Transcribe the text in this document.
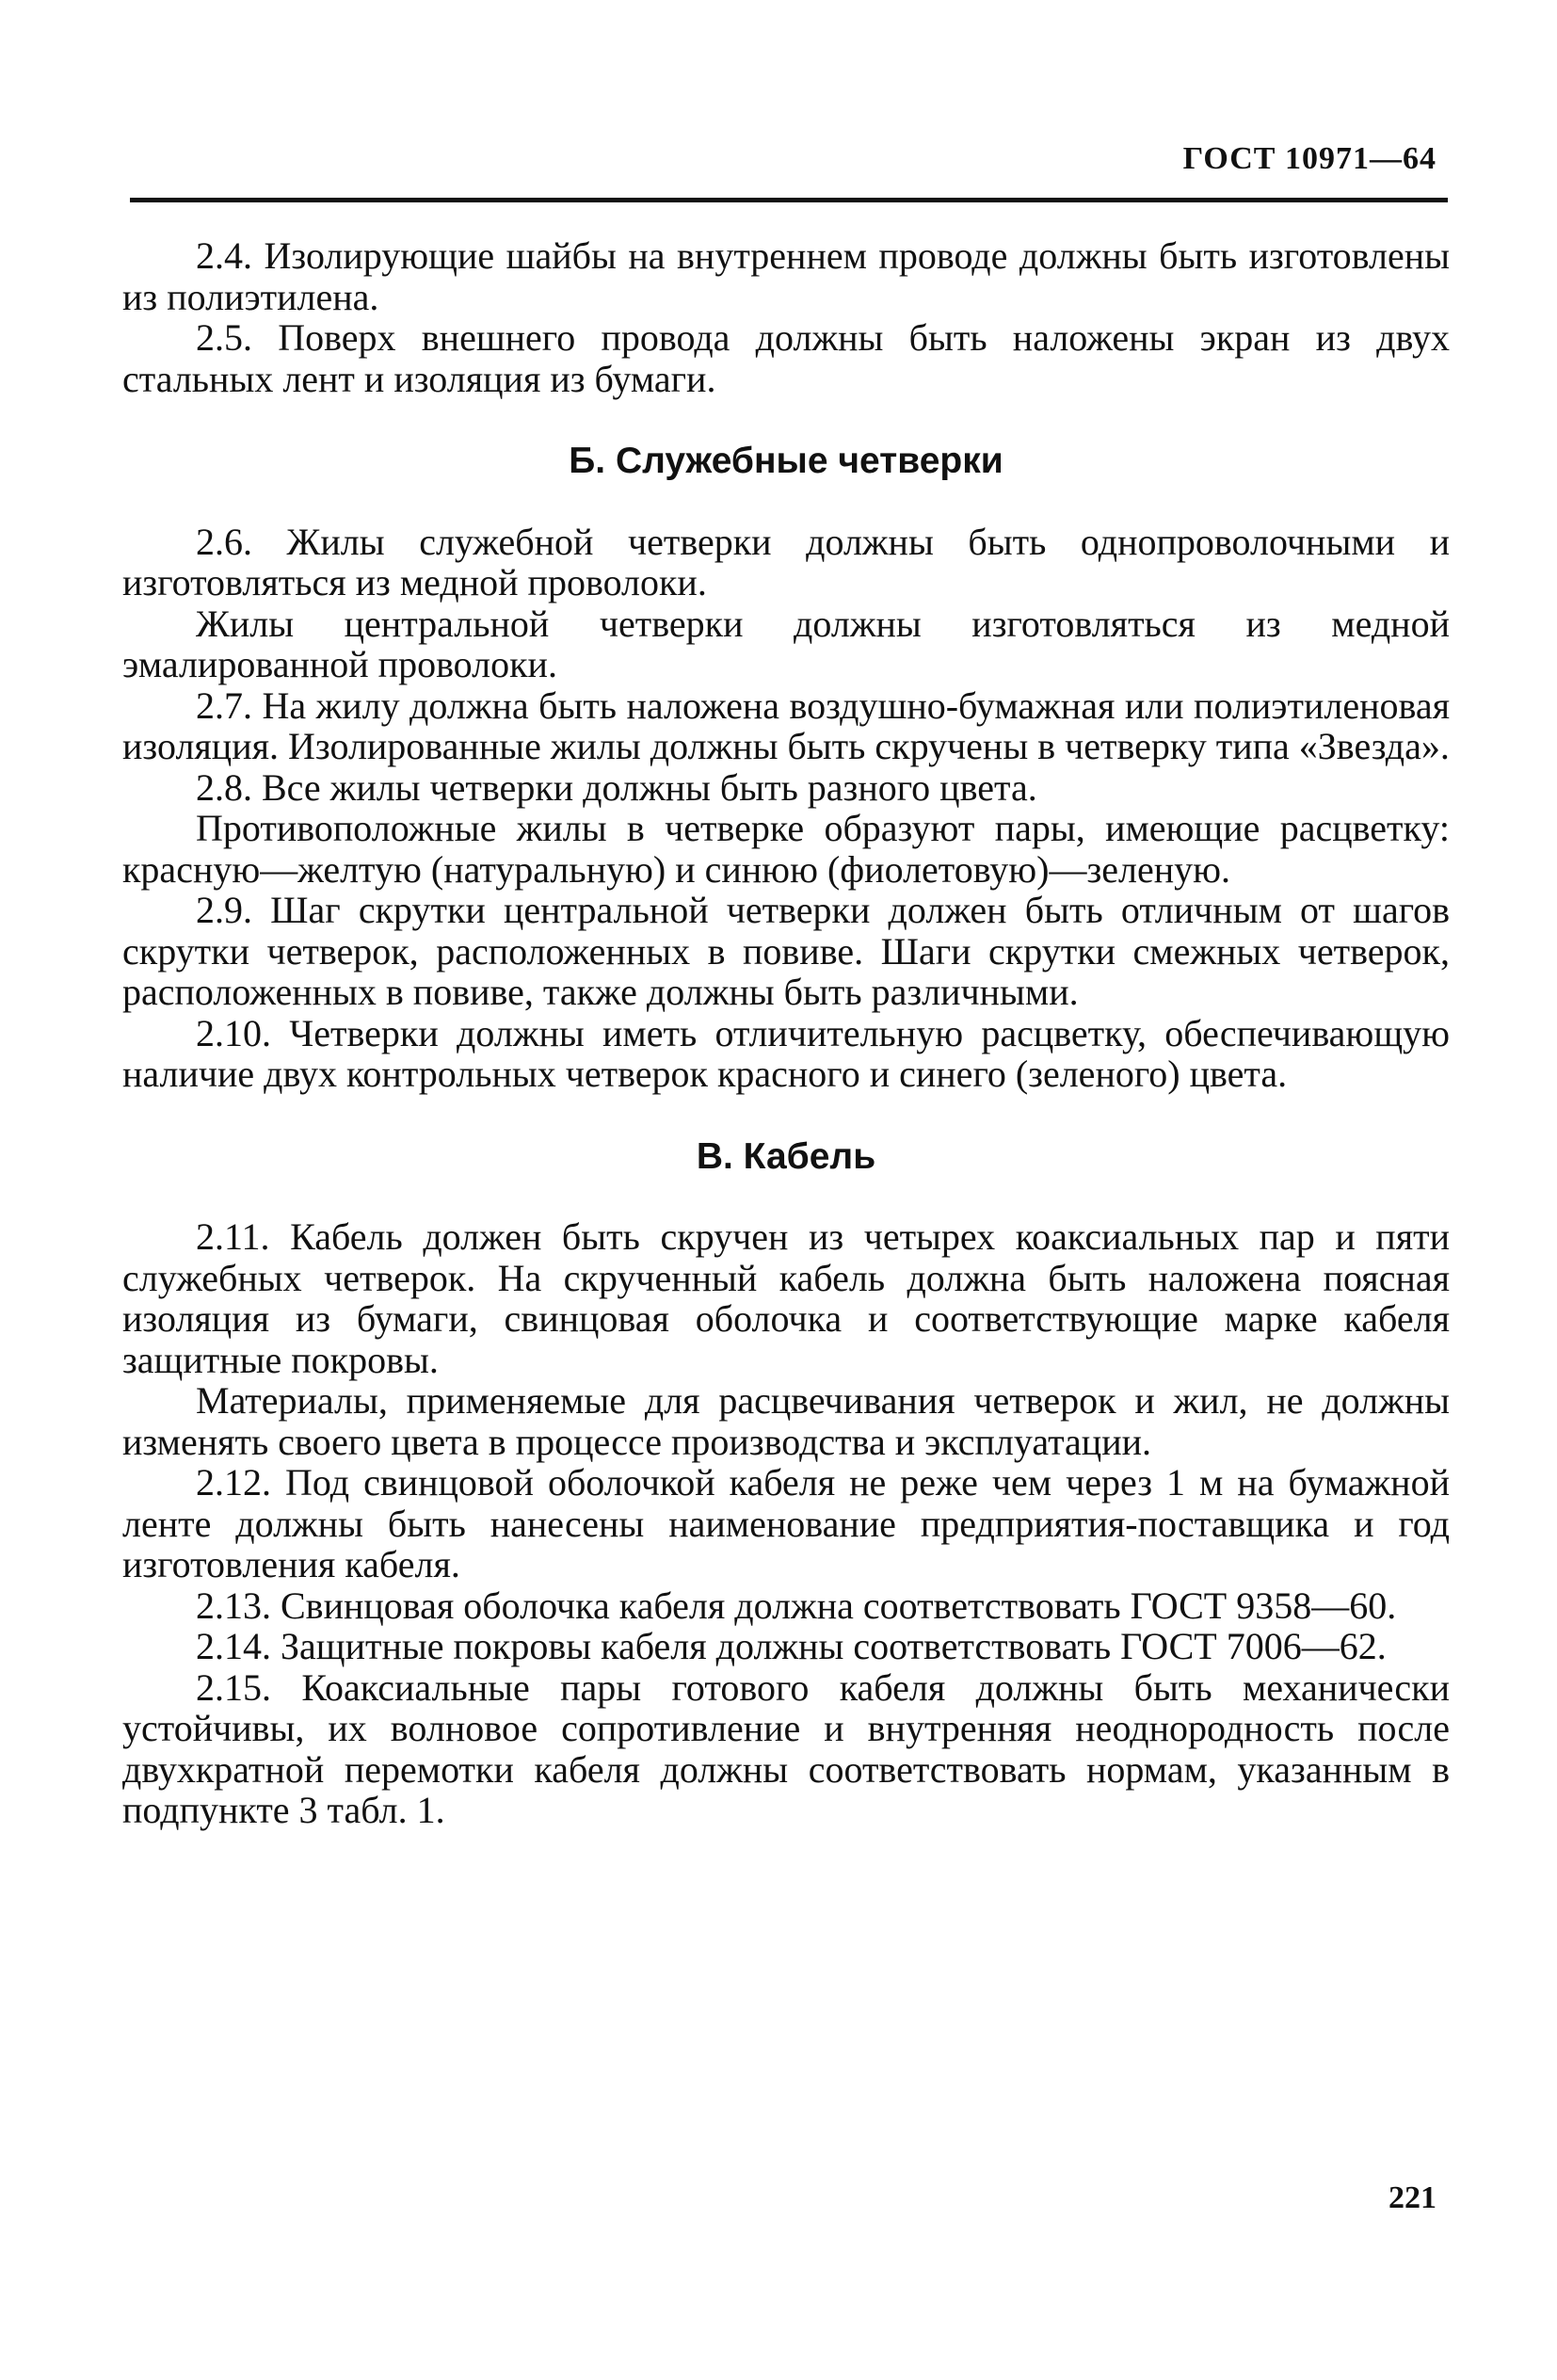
ГОСТ 10971—64

2.4. Изолирующие шайбы на внутреннем проводе должны быть изготовлены из полиэтилена.

2.5. Поверх внешнего провода должны быть наложены экран из двух стальных лент и изоляция из бумаги.

Б. Служебные четверки

2.6. Жилы служебной четверки должны быть однопроволочными и изготовляться из медной проволоки.

Жилы центральной четверки должны изготовляться из медной эмалированной проволоки.

2.7. На жилу должна быть наложена воздушно-бумажная или полиэтиленовая изоляция. Изолированные жилы должны быть скручены в четверку типа «Звезда».

2.8. Все жилы четверки должны быть разного цвета.

Противоположные жилы в четверке образуют пары, имеющие расцветку: красную—желтую (натуральную) и синюю (фиолетовую)—зеленую.

2.9. Шаг скрутки центральной четверки должен быть отличным от шагов скрутки четверок, расположенных в повиве. Шаги скрутки смежных четверок, расположенных в повиве, также должны быть различными.

2.10. Четверки должны иметь отличительную расцветку, обеспечивающую наличие двух контрольных четверок красного и синего (зеленого) цвета.

В. Кабель

2.11. Кабель должен быть скручен из четырех коаксиальных пар и пяти служебных четверок. На скрученный кабель должна быть наложена поясная изоляция из бумаги, свинцовая оболочка и соответствующие марке кабеля защитные покровы.

Материалы, применяемые для расцвечивания четверок и жил, не должны изменять своего цвета в процессе производства и эксплуатации.

2.12. Под свинцовой оболочкой кабеля не реже чем через 1 м на бумажной ленте должны быть нанесены наименование предприятия-поставщика и год изготовления кабеля.

2.13. Свинцовая оболочка кабеля должна соответствовать ГОСТ 9358—60.

2.14. Защитные покровы кабеля должны соответствовать ГОСТ 7006—62.

2.15. Коаксиальные пары готового кабеля должны быть механически устойчивы, их волновое сопротивление и внутренняя неоднородность после двухкратной перемотки кабеля должны соответствовать нормам, указанным в подпункте 3 табл. 1.

221
